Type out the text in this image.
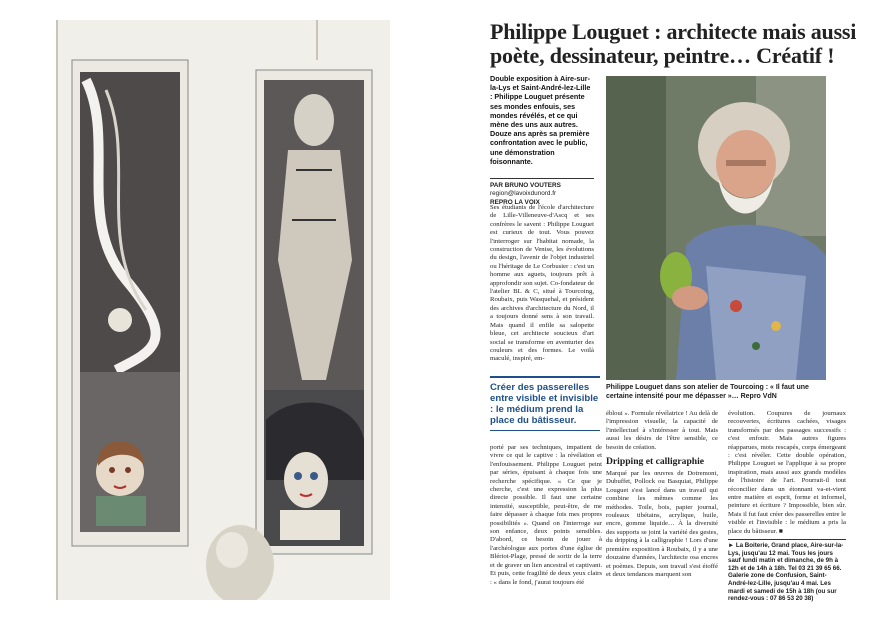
Philippe Louguet : architecte mais aussi poète, dessinateur, peintre… Créatif !
Double exposition à Aire-sur-la-Lys et Saint-André-lez-Lille : Philippe Louguet présente ses mondes enfouis, ses mondes révélés, et ce qui mène des uns aux autres. Douze ans après sa première confrontation avec le public, une démonstration foisonnante.
PAR BRUNO VOUTERS
region@lavoixdunord.fr
REPRO LA VOIX
Ses étudiants de l'école d'architecture de Lille-Villeneuve-d'Ascq et ses confrères le savent : Philippe Louguet est curieux de tout. Vous pouvez l'interroger sur l'habitat nomade, la construction de Venise, les évolutions du design, l'avenir de l'objet industriel ou l'héritage de Le Corbusier : c'est un homme aux aguets, toujours prêt à approfondir son sujet. Co-fondateur de l'atelier BL & C, situé à Tourcoing, Roubaix, puis Wasquehal, et président des archives d'architecture du Nord, il a toujours donné sens à son travail. Mais quand il enfile sa salopette bleue, cet architecte soucieux d'art social se transforme en aventurier des couleurs et des formes. Le voilà maculé, inspiré, em-
Philippe Louguet dans son atelier de Tourcoing : « Il faut une certaine intensité pour me dépasser »… Repro VdN
Créer des passerelles entre visible et invisible : le médium prend la place du bâtisseur.
porté par ses techniques, impatient de vivre ce qui le captive : la révélation et l'enfouissement. Philippe Louguet peint par séries, épuisant à chaque fois une recherche spécifique. « Ce que je cherche, c'est une expression la plus directe possible. Il faut une certaine intensité, susceptible, peut-être, de me faire dépasser à chaque fois mes propres possibilités ». Quand on l'interroge sur son enfance, deux points sensibles. D'abord, ce besoin de jouer à l'archéologue aux portes d'une église de Blériot-Plage, pressé de sortir de la terre et de graver un lien ancestral et captivant. Et puis, cette fragilité de deux yeux clairs : « dans le fond, j'aurai toujours été

ébloui ». Formule révélatrice ! Au delà de l'impression visuelle, la capacité de l'intellectuel à s'intéresser à tout. Mais aussi les désirs de l'être sensible, ce besoin de création.

Dripping et calligraphie

Marqué par les œuvres de Dotremont, Dubuffet, Pollock ou Basquiat, Philippe Louguet s'est lancé dans un travail qui combine les mêmes comme les méthodes. Toile, bois, papier journal, rouleaux tibétains, acrylique, huile, encre, gomme liquide… À la diversité des supports se joint la variété des gestes, du dripping à la calligraphie ! Lors d'une première exposition à Roubaix, il y a une douzaine d'années, l'architecte osa encres et poèmes. Depuis, son travail s'est étoffé et deux tendances marquent son

évolution. Coupures de journaux recouvertes, écritures cachées, visages transformés par des passages successifs : c'est enfouir. Mais autres figures réapparues, mots rescapés, corps émergeant : c'est révéler. Cette double opération, Philippe Louguet se l'applique à sa propre inspiration, mais aussi aux grands modèles de l'histoire de l'art. Pourrait-il tout réconcilier dans un étonnant va-et-vient entre matière et esprit, forme et informel, peinture et écriture ? Impossible, bien sûr. Mais il fut faut créer des passerelles entre le visible et l'invisible : le médium a pris la place du bâtisseur. ■

► La Boiterie, Grand place, Aire-sur-la-Lys, jusqu'au 12 mai. Tous les jours sauf lundi matin et dimanche, de 9h à 12h et de 14h à 18h. Tel 03 21 39 65 66. Galerie zone de Confusion, Saint-André-lez-Lille, jusqu'au 4 mai. Les mardi et samedi de 15h à 18h (ou sur rendez-vous : 07 86 53 20 38)
